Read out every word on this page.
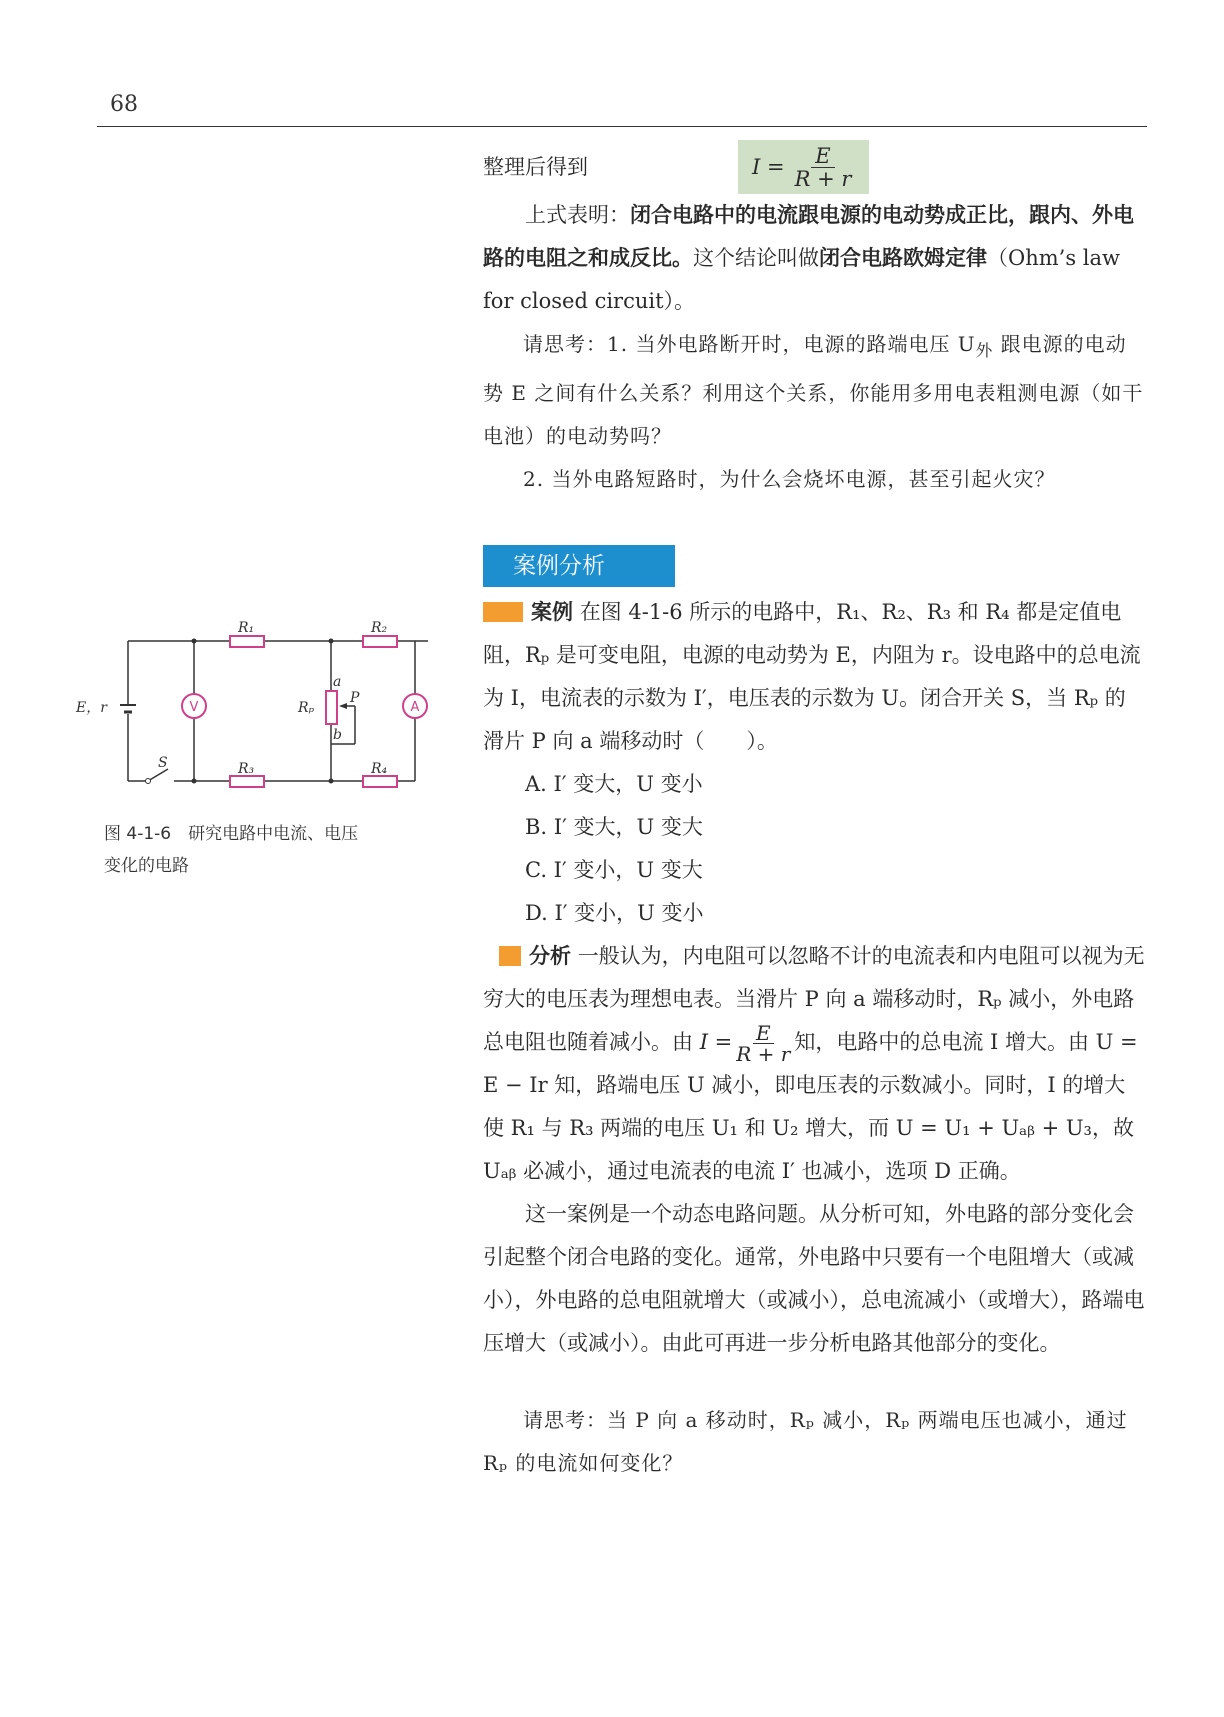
68
整理后得到	$I = \frac{E}{R + r}$

上式表明：闭合电路中的电流跟电源的电动势成正比，跟内、外电路的电阻之和成反比。这个结论叫做闭合电路欧姆定律（Ohm’s law for closed circuit）。

请思考：1. 当外电路断开时，电源的路端电压 $U_外$ 跟电源的电动势 E 之间有什么关系？利用这个关系，你能用多用电表粗测电源（如干电池）的电动势吗？

2. 当外电路短路时，为什么会烧坏电源，甚至引起火灾？

案例分析

案例 在图 4-1-6 所示的电路中，R₁、R₂、R₃ 和 R₄ 都是定值电阻，Rₚ 是可变电阻，电源的电动势为 E，内阻为 r。设电路中的总电流为 I，电流表的示数为 I′，电压表的示数为 U。闭合开关 S，当 Rₚ 的滑片 P 向 a 端移动时（　　）。

A. I′ 变大，U 变小

B. I′ 变大，U 变大

C. I′ 变小，U 变大

D. I′ 变小，U 变小

分析 一般认为，内电阻可以忽略不计的电流表和内电阻可以视为无穷大的电压表为理想电表。当滑片 P 向 a 端移动时，Rₚ 减小，外电路总电阻也随着减小。由 $I = \frac{E}{R + r}$ 知，电路中的总电流 I 增大。由 U = E − Ir 知，路端电压 U 减小，即电压表的示数减小。同时，I 的增大使 R₁ 与 R₃ 两端的电压 U₁ 和 U₂ 增大，而 U = U₁ + Uₐᵦ + U₃，故 Uₐᵦ 必减小，通过电流表的电流 I′ 也减小，选项 D 正确。

这一案例是一个动态电路问题。从分析可知，外电路的部分变化会引起整个闭合电路的变化。通常，外电路中只要有一个电阻增大（或减小），外电路的总电阻就增大（或减小），总电流减小（或增大），路端电压增大（或减小）。由此可再进一步分析电路其他部分的变化。

请思考：当 P 向 a 移动时，Rₚ 减小，Rₚ 两端电压也减小，通过 Rₚ 的电流如何变化？

R₁	R₂
R₃	R₄
Rₚ
a
b
P
S
E，r	V	A
图 4-1-6　研究电路中电流、电压
变化的电路
